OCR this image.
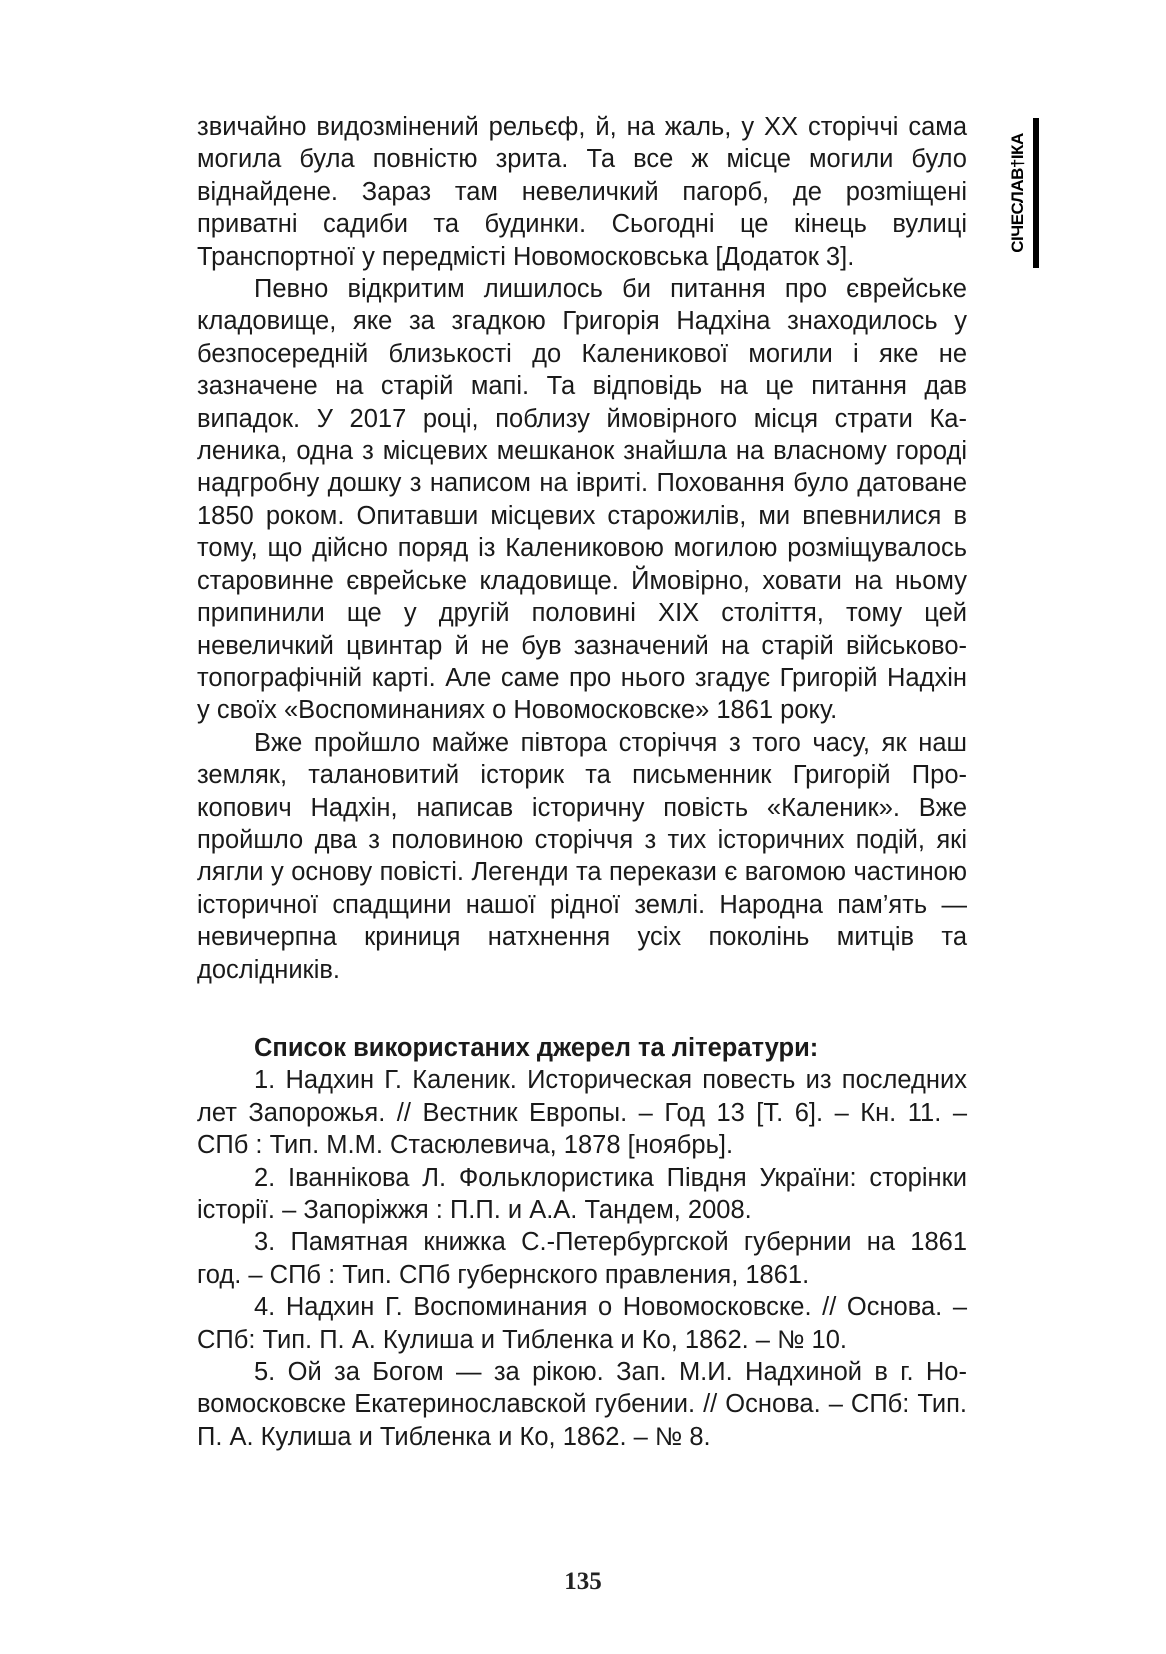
СІЧЕСЛАВ†ІКА

звичайно видозмінений рельєф, й, на жаль, у ХХ сторіччі сама могила була повністю зрита. Та все ж місце могили було віднайдене. Зараз там невеличкий пагорб, де розmіщені приватні садиби та будинки. Сьогодні це кінець вулиці Транспортної у передмісті Новомосковська [Додаток 3].

Певно відкритим лишилось би питання про єврейське кладовище, яке за згадкою Григорія Надхіна знаходилось у безпосередній близькості до Каленикової могили і яке не зазначене на старій мапі. Та відповідь на це питання дав випадок. У 2017 році, поблизу ймовірного місця страти Каленика, одна з місцевих мешканок знайшла на власному городі надгробну дошку з написом на івриті. Поховання було датоване 1850 роком. Опитавши місцевих старожилів, ми впевнилися в тому, що дійсно поряд із Калениковою могилою розміщувалось старовинне єврейське кладовище. Ймовірно, ховати на ньому припинили ще у другій половині ХІХ століття, тому цей невеличкий цвинтар й не був зазначений на старій військово-топографічній карті. Але саме про нього згадує Григорій Надхін у своїх «Воспоминаниях о Новомосковске» 1861 року.

Вже пройшло майже півтора сторіччя з того часу, як наш земляк, талановитий історик та письменник Григорій Прокопович Надхін, написав історичну повість «Каленик». Вже пройшло два з половиною сторіччя з тих історичних подій, які лягли у основу повісті. Легенди та перекази є вагомою частиною історичної спадщини нашої рідної землі. Народна пам’ять — невичерпна криниця натхнення усіх поколінь митців та дослідників.

Список використаних джерел та літератури:

1. Надхин Г. Каленик. Историческая повесть из последних лет Запорожья. // Вестник Европы. – Год 13 [Т. 6]. – Кн. 11. – СПб : Тип. М.М. Стасюлевича, 1878 [ноябрь].

2. Іваннікова Л. Фольклористика Півдня України: сторінки історії. – Запоріжжя : П.П. и А.А. Тандем, 2008.

3. Памятная книжка С.-Петербургской губернии на 1861 год. – СПб : Тип. СПб губернского правления, 1861.

4. Надхин Г. Воспоминания о Новомосковске. // Основа. – СПб: Тип. П. А. Кулиша и Тибленка и Ко, 1862. – № 10.

5. Ой за Богом — за рікою. Зап. М.И. Надхиной в г. Новомосковске Екатеринославской губении. // Основа. – СПб: Тип. П. А. Кулиша и Тибленка и Ко, 1862. – № 8.

135
